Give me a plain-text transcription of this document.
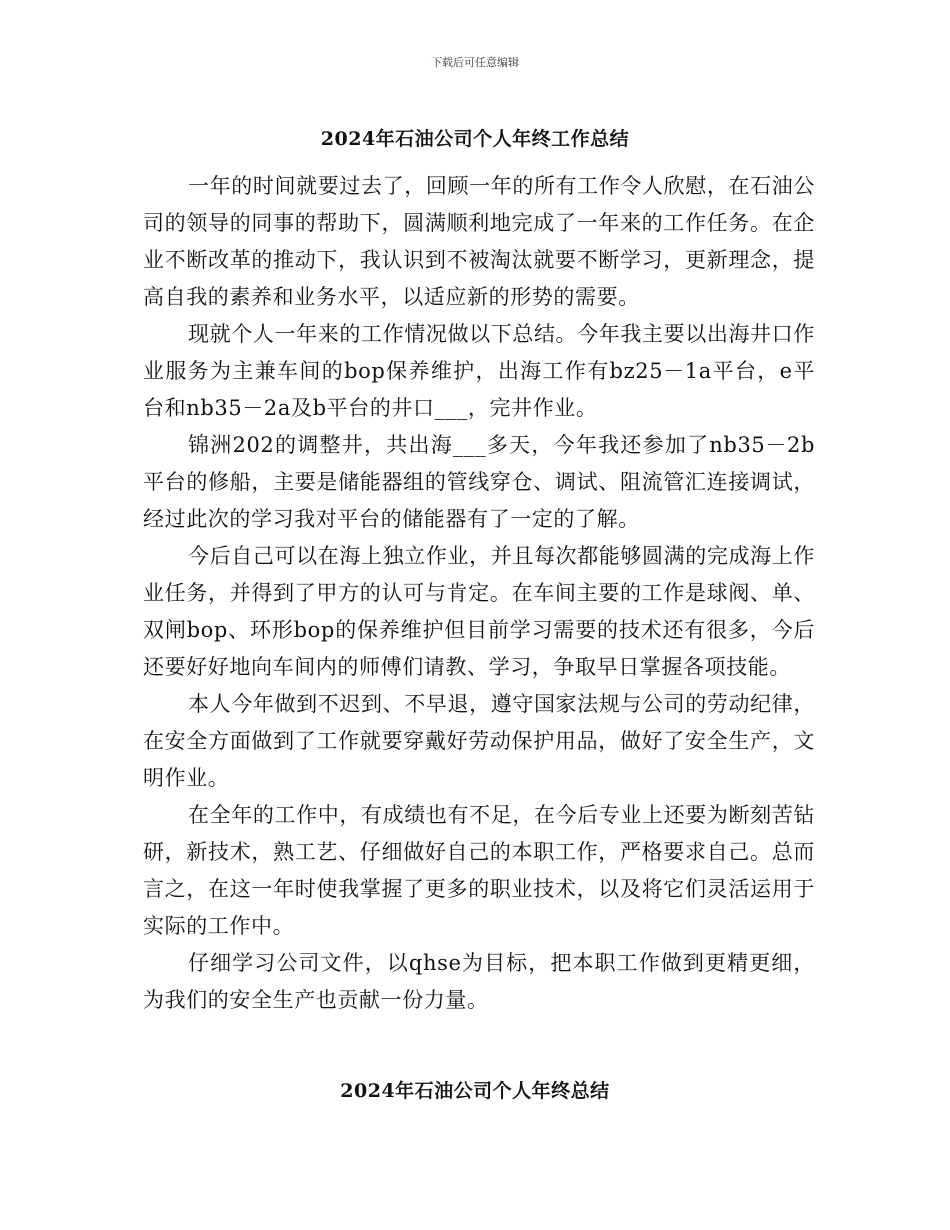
下载后可任意编辑
2024年石油公司个人年终工作总结

一年的时间就要过去了，回顾一年的所有工作令人欣慰，在石油公司的领导的同事的帮助下，圆满顺利地完成了一年来的工作任务。在企业不断改革的推动下，我认识到不被淘汰就要不断学习，更新理念，提高自我的素养和业务水平，以适应新的形势的需要。

现就个人一年来的工作情况做以下总结。今年我主要以出海井口作业服务为主兼车间的bop保养维护，出海工作有bz25－1a平台，e平台和nb35－2a及b平台的井口___，完井作业。

锦洲202的调整井，共出海___多天，今年我还参加了nb35－2b平台的修船，主要是储能器组的管线穿仓、调试、阻流管汇连接调试，经过此次的学习我对平台的储能器有了一定的了解。

今后自己可以在海上独立作业，并且每次都能够圆满的完成海上作业任务，并得到了甲方的认可与肯定。在车间主要的工作是球阀、单、双闸bop、环形bop的保养维护但目前学习需要的技术还有很多，今后还要好好地向车间内的师傅们请教、学习，争取早日掌握各项技能。

本人今年做到不迟到、不早退，遵守国家法规与公司的劳动纪律，在安全方面做到了工作就要穿戴好劳动保护用品，做好了安全生产，文明作业。

在全年的工作中，有成绩也有不足，在今后专业上还要为断刻苦钻研，新技术，熟工艺、仔细做好自己的本职工作，严格要求自己。总而言之，在这一年时使我掌握了更多的职业技术，以及将它们灵活运用于实际的工作中。

仔细学习公司文件，以qhse为目标，把本职工作做到更精更细，为我们的安全生产也贡献一份力量。

2024年石油公司个人年终总结
